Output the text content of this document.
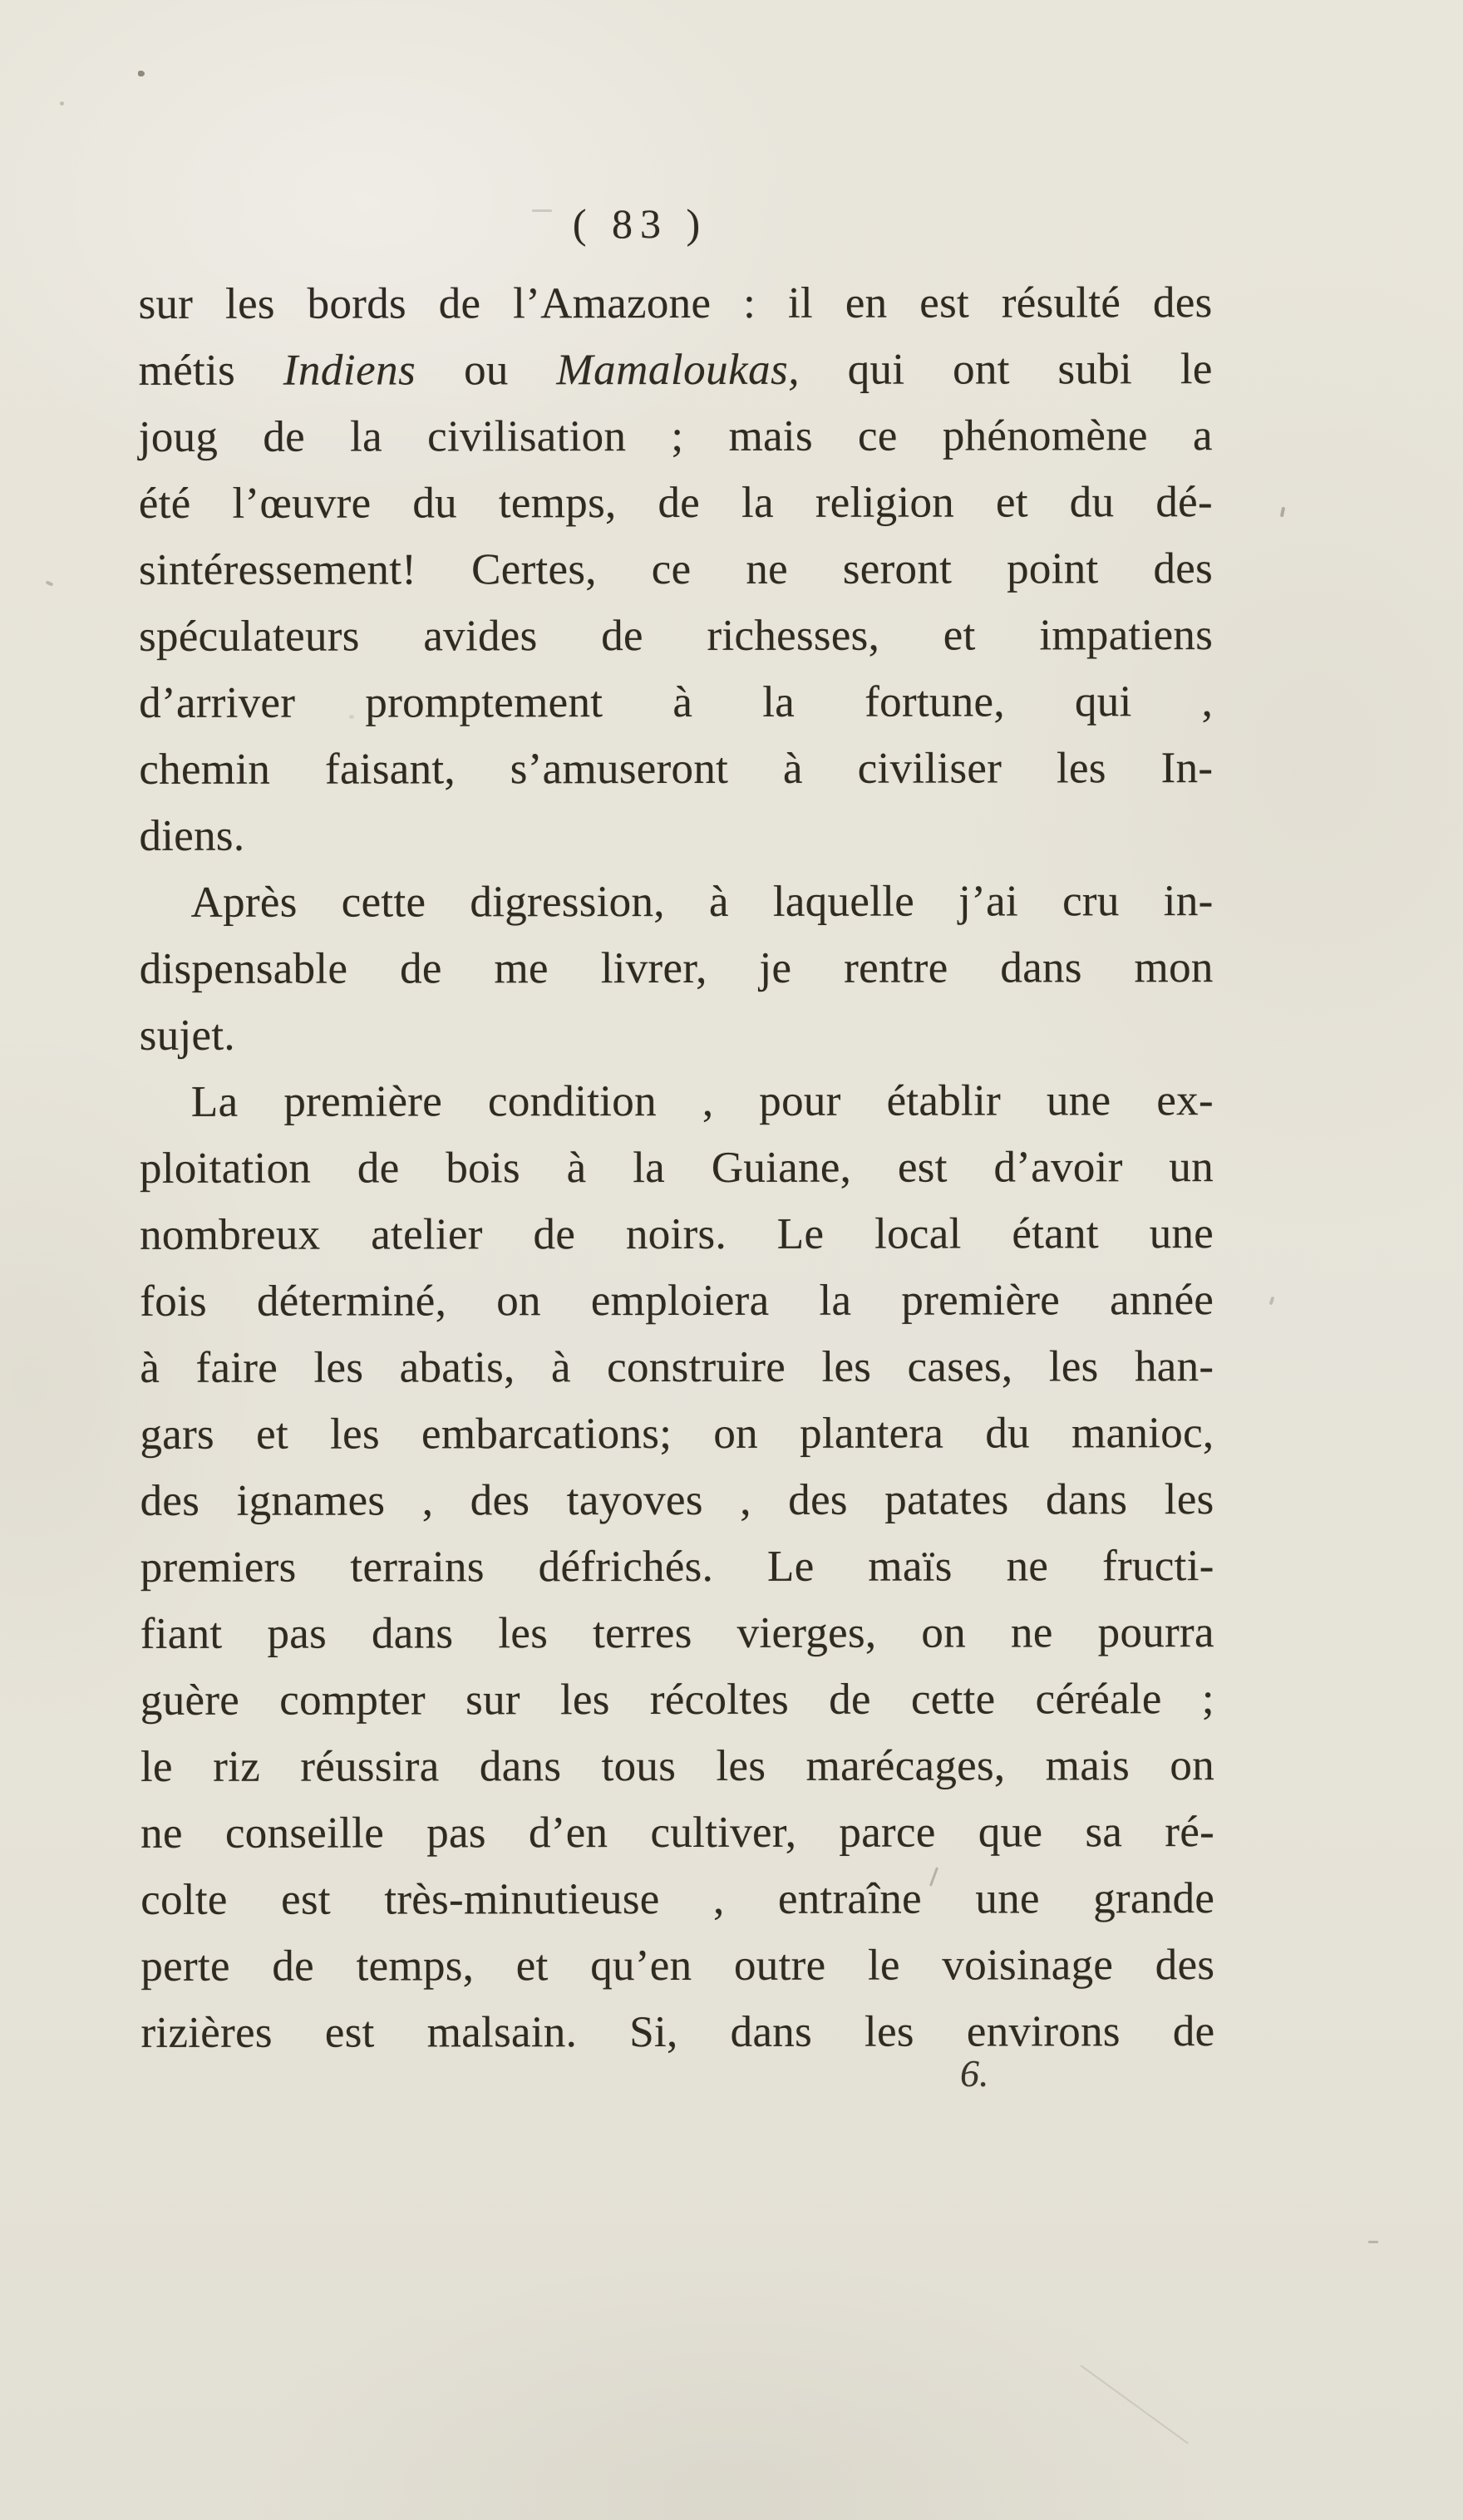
( 83 )
sur les bords de l’Amazone : il en est résulté des
métis Indiens ou Mamaloukas, qui ont subi le
joug de la civilisation ; mais ce phénomène a
été l’œuvre du temps, de la religion et du dé-
sintéressement! Certes, ce ne seront point des
spéculateurs avides de richesses, et impatiens
d’arriver promptement à la fortune, qui ,
chemin faisant, s’amuseront à civiliser les In-
diens.
Après cette digression, à laquelle j’ai cru in-
dispensable de me livrer, je rentre dans mon
sujet.
La première condition , pour établir une ex-
ploitation de bois à la Guiane, est d’avoir un
nombreux atelier de noirs. Le local étant une
fois déterminé, on emploiera la première année
à faire les abatis, à construire les cases, les han-
gars et les embarcations; on plantera du manioc,
des ignames , des tayoves , des patates dans les
premiers terrains défrichés. Le maïs ne fructi-
fiant pas dans les terres vierges, on ne pourra
guère compter sur les récoltes de cette céréale ;
le riz réussira dans tous les marécages, mais on
ne conseille pas d’en cultiver, parce que sa ré-
colte est très-minutieuse , entraîne une grande
perte de temps, et qu’en outre le voisinage des
rizières est malsain. Si, dans les environs de
6.
